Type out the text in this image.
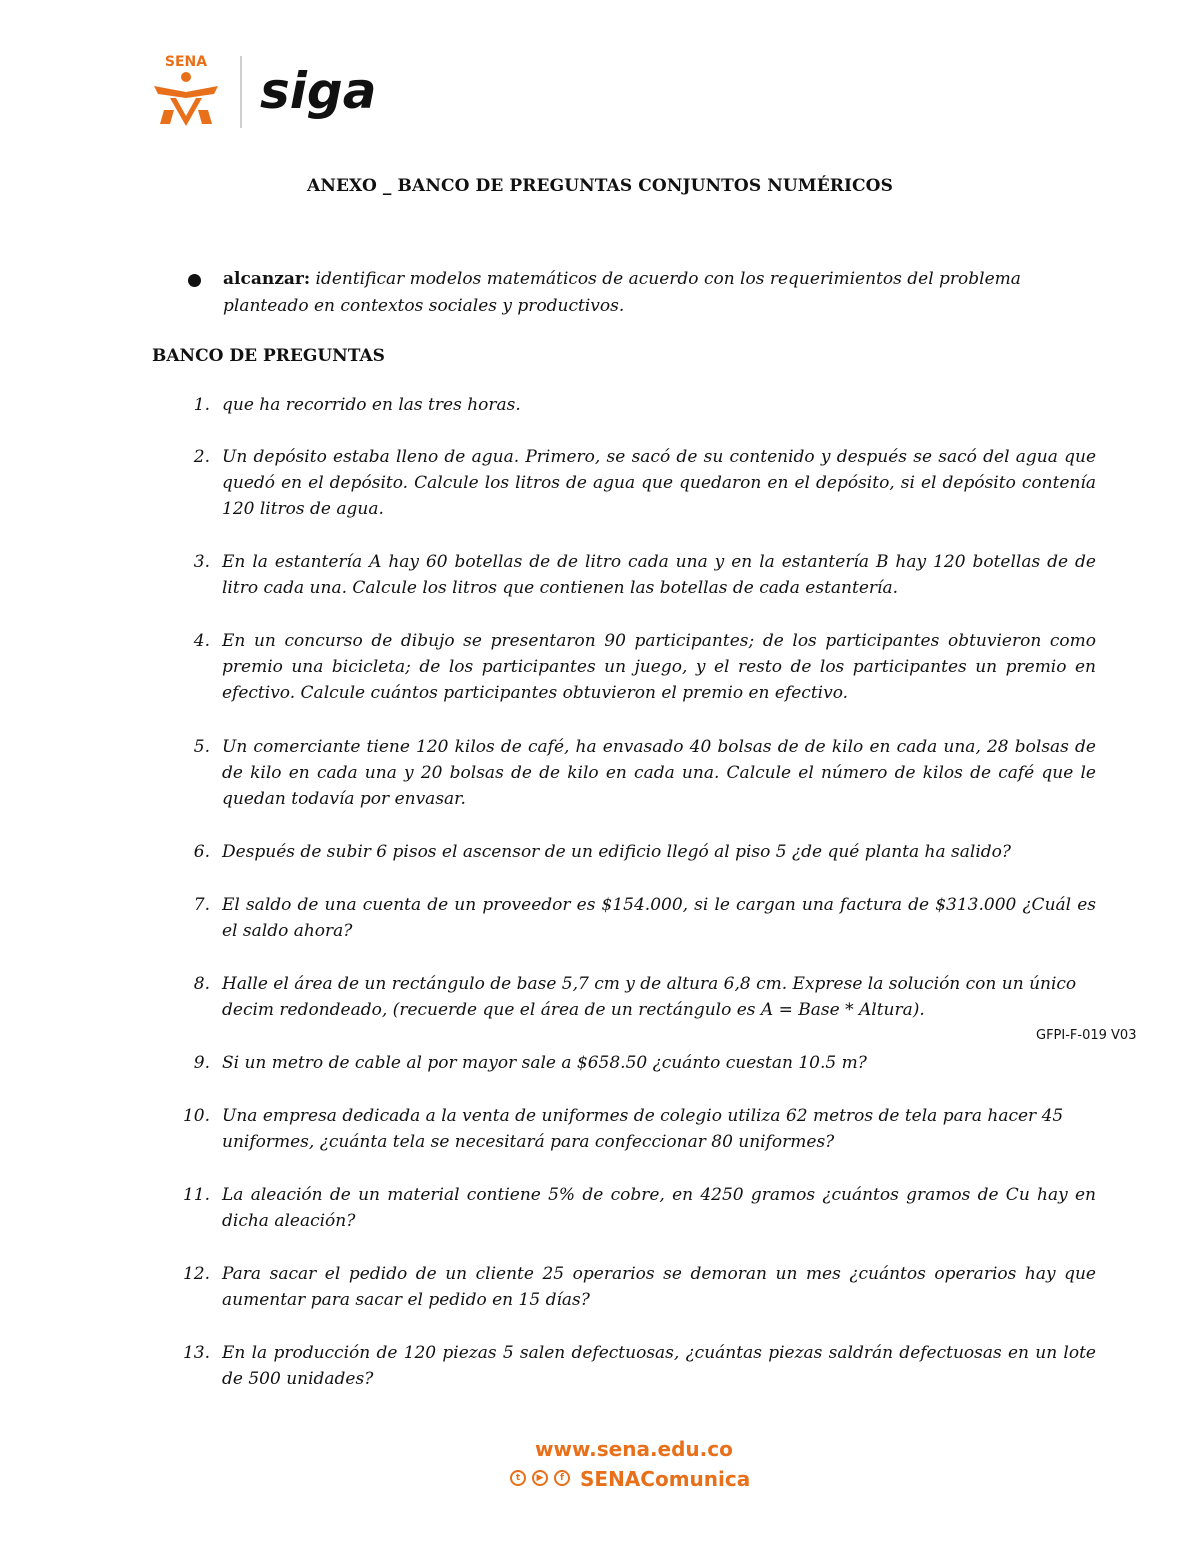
SENA siga
ANEXO _ BANCO DE PREGUNTAS CONJUNTOS NUMÉRICOS
alcanzar: identificar modelos matemáticos de acuerdo con los requerimientos del problema planteado en contextos sociales y productivos.
BANCO DE PREGUNTAS
1. que ha recorrido en las tres horas.
2. Un depósito estaba lleno de agua. Primero, se sacó de su contenido y después se sacó del agua que quedó en el depósito. Calcule los litros de agua que quedaron en el depósito, si el depósito contenía 120 litros de agua.
3. En la estantería A hay 60 botellas de de litro cada una y en la estantería B hay 120 botellas de de litro cada una. Calcule los litros que contienen las botellas de cada estantería.
4. En un concurso de dibujo se presentaron 90 participantes; de los participantes obtuvieron como premio una bicicleta; de los participantes un juego, y el resto de los participantes un premio en efectivo. Calcule cuántos participantes obtuvieron el premio en efectivo.
5. Un comerciante tiene 120 kilos de café, ha envasado 40 bolsas de de kilo en cada una, 28 bolsas de de kilo en cada una y 20 bolsas de de kilo en cada una. Calcule el número de kilos de café que le quedan todavía por envasar.
6. Después de subir 6 pisos el ascensor de un edificio llegó al piso 5 ¿de qué planta ha salido?
7. El saldo de una cuenta de un proveedor es $154.000, si le cargan una factura de $313.000 ¿Cuál es el saldo ahora?
8. Halle el área de un rectángulo de base 5,7 cm y de altura 6,8 cm. Exprese la solución con un único decim redondeado, (recuerde que el área de un rectángulo es A = Base * Altura).
GFPI-F-019 V03
9. Si un metro de cable al por mayor sale a $658.50 ¿cuánto cuestan 10.5 m?
10. Una empresa dedicada a la venta de uniformes de colegio utiliza 62 metros de tela para hacer 45 uniformes, ¿cuánta tela se necesitará para confeccionar 80 uniformes?
11. La aleación de un material contiene 5% de cobre, en 4250 gramos ¿cuántos gramos de Cu hay en dicha aleación?
12. Para sacar el pedido de un cliente 25 operarios se demoran un mes ¿cuántos operarios hay que aumentar para sacar el pedido en 15 días?
13. En la producción de 120 piezas 5 salen defectuosas, ¿cuántas piezas saldrán defectuosas en un lote de 500 unidades?
www.sena.edu.co
t	▶	f SENAComunica
